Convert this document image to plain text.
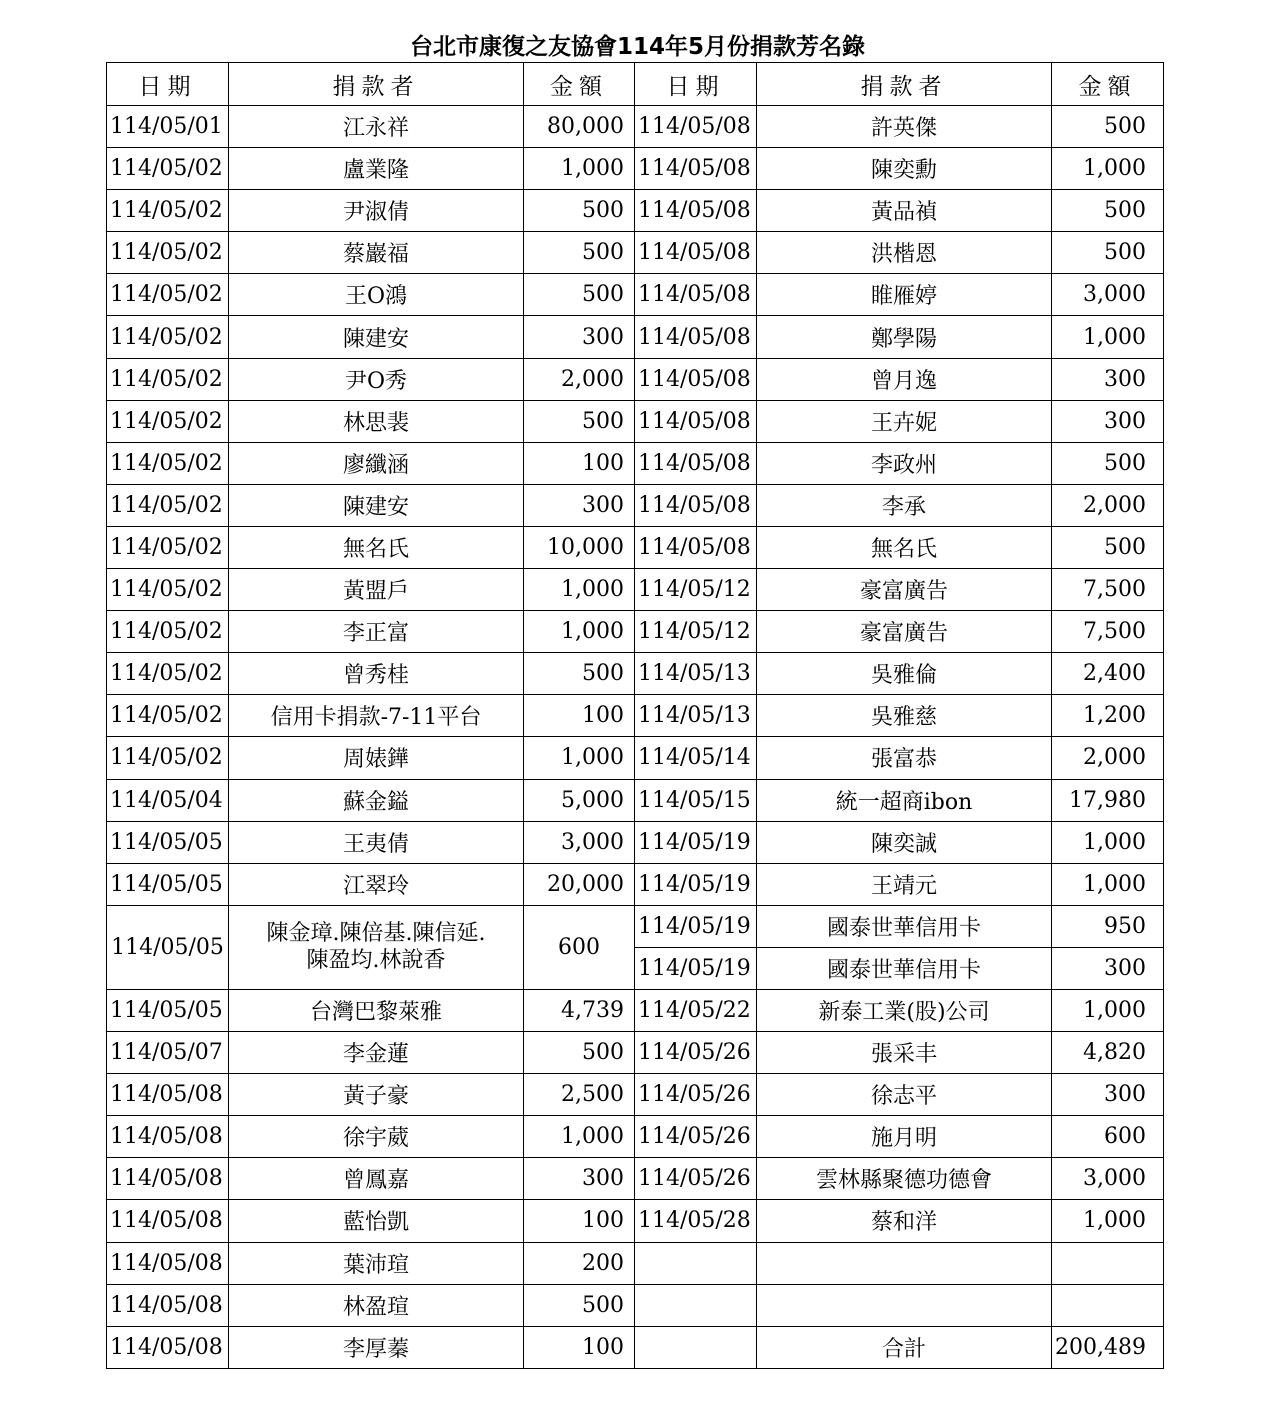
台北市康復之友協會114年5月份捐款芳名錄
日期	捐款者	金額	日期	捐款者	金額
114/05/01	江永祥	80,000	114/05/08	許英傑	500
114/05/02	盧業隆	1,000	114/05/08	陳奕勳	1,000
114/05/02	尹淑倩	500	114/05/08	黃品禎	500
114/05/02	蔡巖福	500	114/05/08	洪楷恩	500
114/05/02	王O鴻	500	114/05/08	睢雁婷	3,000
114/05/02	陳建安	300	114/05/08	鄭學陽	1,000
114/05/02	尹O秀	2,000	114/05/08	曾月逸	300
114/05/02	林思裴	500	114/05/08	王卉妮	300
114/05/02	廖纖涵	100	114/05/08	李政州	500
114/05/02	陳建安	300	114/05/08	李承	2,000
114/05/02	無名氏	10,000	114/05/08	無名氏	500
114/05/02	黃盟戶	1,000	114/05/12	豪富廣告	7,500
114/05/02	李正富	1,000	114/05/12	豪富廣告	7,500
114/05/02	曾秀桂	500	114/05/13	吳雅倫	2,400
114/05/02	信用卡捐款-7-11平台	100	114/05/13	吳雅慈	1,200
114/05/02	周婊鏵	1,000	114/05/14	張富恭	2,000
114/05/04	蘇金鎰	5,000	114/05/15	統一超商ibon	17,980
114/05/05	王夷倩	3,000	114/05/19	陳奕誠	1,000
114/05/05	江翠玲	20,000	114/05/19	王靖元	1,000
114/05/05	陳金璋.陳倍基.陳信延.
陳盈均.林說香	600	114/05/19	國泰世華信用卡	950
			114/05/19	國泰世華信用卡	300
114/05/05	台灣巴黎萊雅	4,739	114/05/22	新泰工業(股)公司	1,000
114/05/07	李金蓮	500	114/05/26	張采丰	4,820
114/05/08	黃子豪	2,500	114/05/26	徐志平	300
114/05/08	徐宇葳	1,000	114/05/26	施月明	600
114/05/08	曾鳳嘉	300	114/05/26	雲林縣聚德功德會	3,000
114/05/08	藍怡凱	100	114/05/28	蔡和洋	1,000
114/05/08	葉沛瑄	200			
114/05/08	林盈瑄	500			
114/05/08	李厚蓁	100		合計	200,489
